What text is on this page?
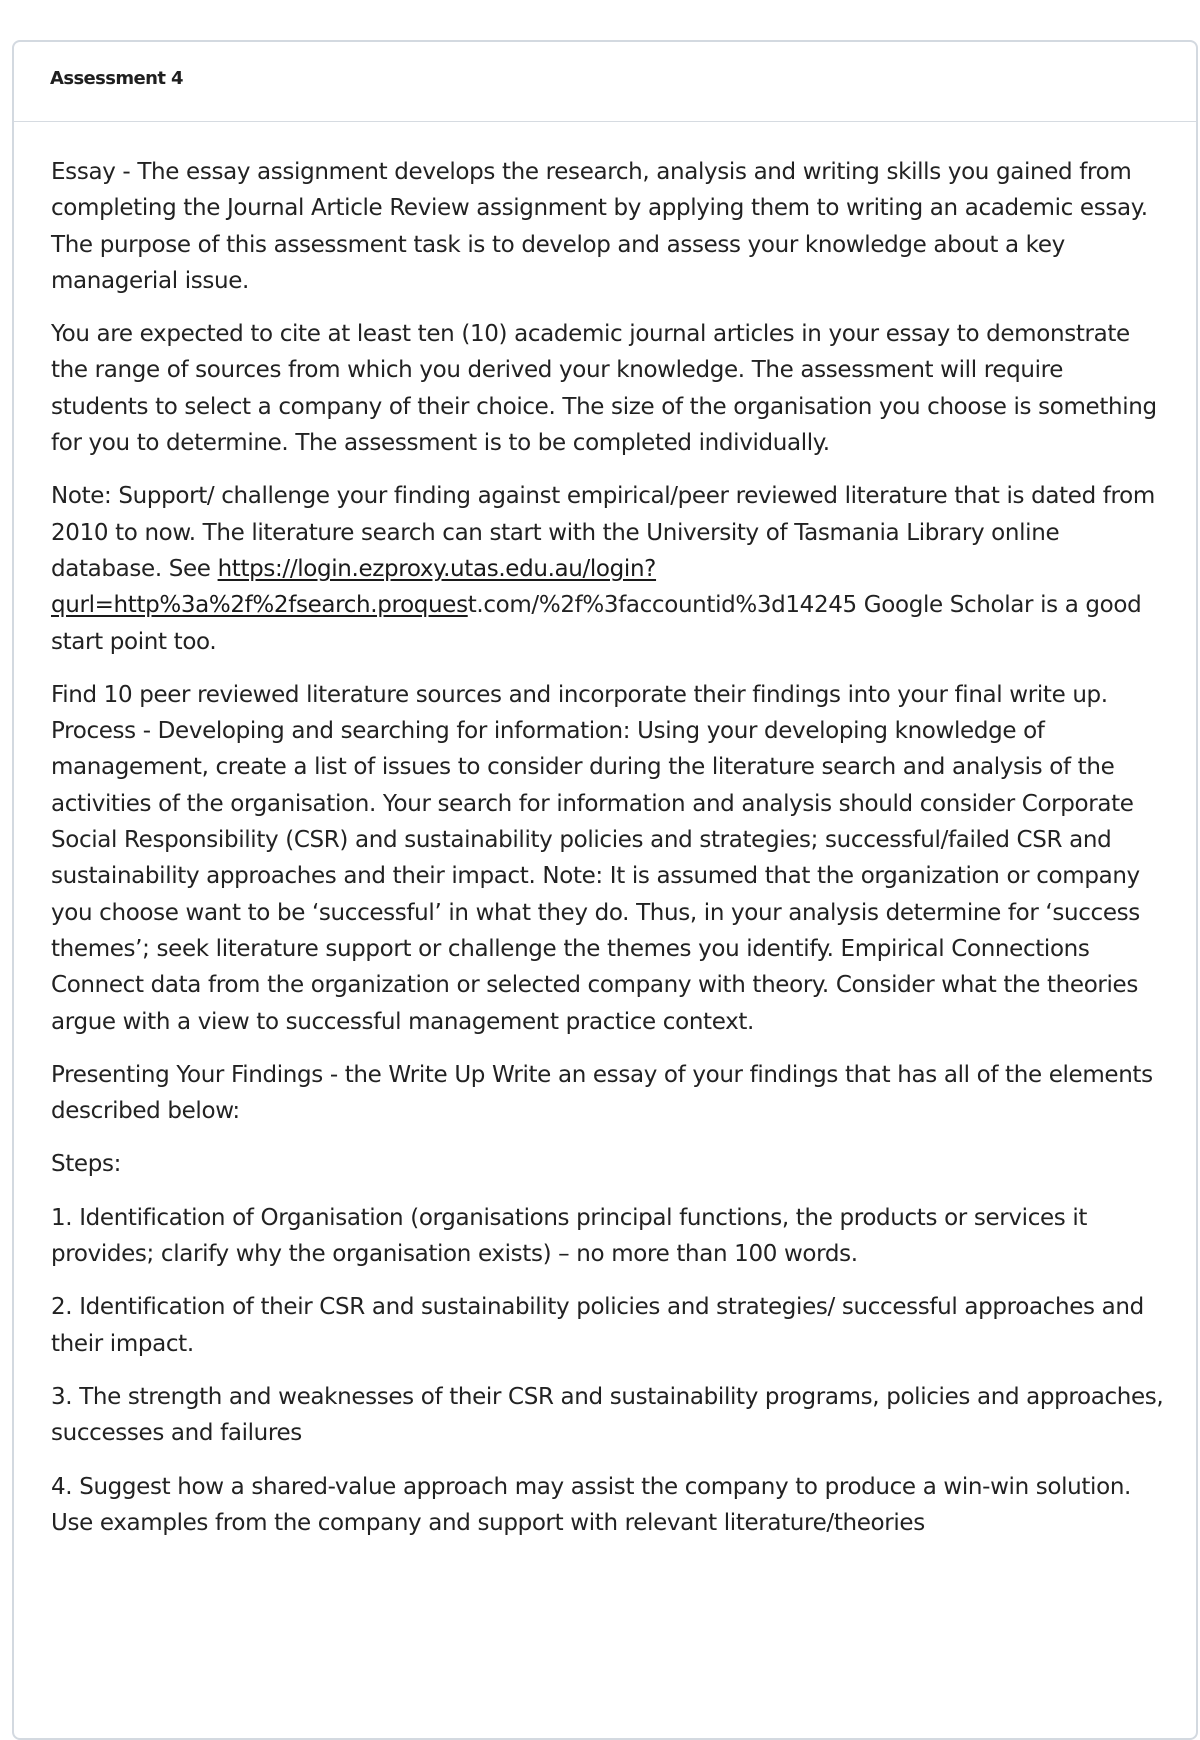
Assessment 4

Essay - The essay assignment develops the research, analysis and writing skills you gained from completing the Journal Article Review assignment by applying them to writing an academic essay. The purpose of this assessment task is to develop and assess your knowledge about a key managerial issue.

You are expected to cite at least ten (10) academic journal articles in your essay to demonstrate the range of sources from which you derived your knowledge. The assessment will require students to select a company of their choice. The size of the organisation you choose is something for you to determine. The assessment is to be completed individually.

Note: Support/ challenge your finding against empirical/peer reviewed literature that is dated from 2010 to now. The literature search can start with the University of Tasmania Library online database. See https://login.ezproxy.utas.edu.au/login?qurl=http%3a%2f%2fsearch.proquest.com/%2f%3faccountid%3d14245 Google Scholar is a good start point too.

Find 10 peer reviewed literature sources and incorporate their findings into your final write up. Process - Developing and searching for information: Using your developing knowledge of management, create a list of issues to consider during the literature search and analysis of the activities of the organisation. Your search for information and analysis should consider Corporate Social Responsibility (CSR) and sustainability policies and strategies; successful/failed CSR and sustainability approaches and their impact. Note: It is assumed that the organization or company you choose want to be ‘successful’ in what they do. Thus, in your analysis determine for ‘success themes’; seek literature support or challenge the themes you identify. Empirical Connections Connect data from the organization or selected company with theory. Consider what the theories argue with a view to successful management practice context.

Presenting Your Findings - the Write Up Write an essay of your findings that has all of the elements described below:

Steps:

1. Identification of Organisation (organisations principal functions, the products or services it provides; clarify why the organisation exists) – no more than 100 words.

2. Identification of their CSR and sustainability policies and strategies/ successful approaches and their impact.

3. The strength and weaknesses of their CSR and sustainability programs, policies and approaches, successes and failures

4. Suggest how a shared-value approach may assist the company to produce a win-win solution. Use examples from the company and support with relevant literature/theories
